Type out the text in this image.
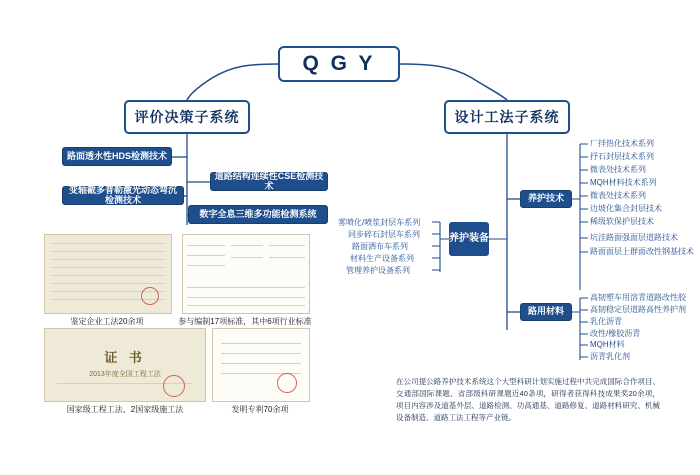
Q G Y
评价决策子系统	设计工法子系统
路面透水性HDS检测技术
道路结构连续性CSE检测技术
变轴截多普勒激光动态弯沉检测技术
数字全息三维多功能检测系统
养护装备
雾喷化/喷浆封层车系列
同步碎石封层车系列
路面洒布车系列
材料生产设备系列
管理养护设备系列
养护技术
路用材料
厂拌热化技术系列
抒石封层技术系列
微表处技术系列
MQH材料技术系列
微表处技术系列
边坡化集合封层技术
稀级软保护层技术
坑洼路面强面层道路技术
路面面层上群面改性钢基技术
高韧塑车用溶青道路改性胶
高韧稳定层道路高性养护剂
乳化沥青
改性/橡胶沥青
MQH材料
沥青乳化剂
鉴定企业工法20余项	参与编制17项标准，其中6项行业标准
证 书
2013年度全国工程工法
国家级工程工法、2国家级施工法	发明专利70余项
在公司提公路养护技术系统这个大型科研计划实施过程中共完成国际合作项目、交通部国际课题、省部级科研课题近40条项，研得者获得科技成果奖20余项，项目内容涉及道基外层、道路检测、功高通基、道路修复、道路材料研究、机械设备制造、道路工法工程等产业链。
